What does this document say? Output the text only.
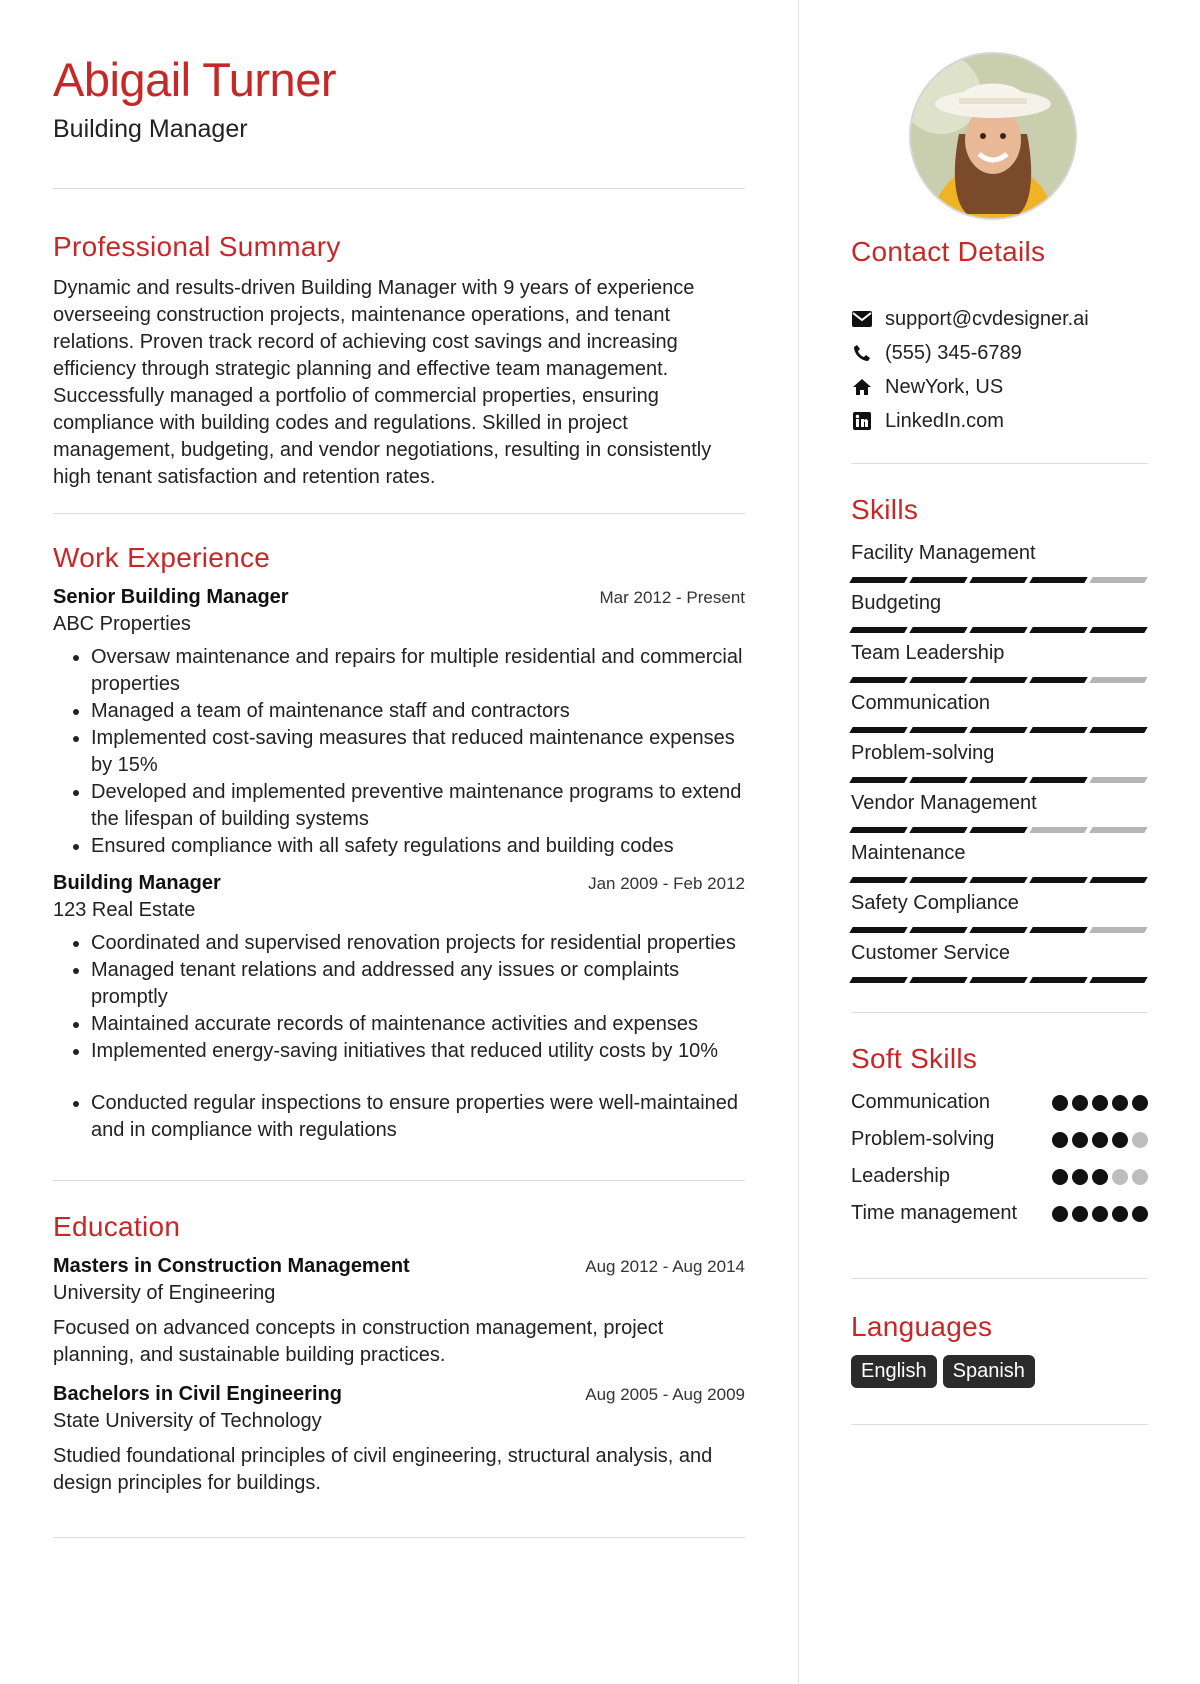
Abigail Turner
Building Manager
Professional Summary
Dynamic and results-driven Building Manager with 9 years of experience overseeing construction projects, maintenance operations, and tenant relations. Proven track record of achieving cost savings and increasing efficiency through strategic planning and effective team management. Successfully managed a portfolio of commercial properties, ensuring compliance with building codes and regulations. Skilled in project management, budgeting, and vendor negotiations, resulting in consistently high tenant satisfaction and retention rates.
Work Experience
Senior Building Manager	Mar 2012 - Present
ABC Properties
• Oversaw maintenance and repairs for multiple residential and commercial properties
• Managed a team of maintenance staff and contractors
• Implemented cost-saving measures that reduced maintenance expenses by 15%
• Developed and implemented preventive maintenance programs to extend the lifespan of building systems
• Ensured compliance with all safety regulations and building codes
Building Manager	Jan 2009 - Feb 2012
123 Real Estate
• Coordinated and supervised renovation projects for residential properties
• Managed tenant relations and addressed any issues or complaints promptly
• Maintained accurate records of maintenance activities and expenses
• Implemented energy-saving initiatives that reduced utility costs by 10%
• Conducted regular inspections to ensure properties were well-maintained and in compliance with regulations
Education
Masters in Construction Management	Aug 2012 - Aug 2014
University of Engineering
Focused on advanced concepts in construction management, project planning, and sustainable building practices.
Bachelors in Civil Engineering	Aug 2005 - Aug 2009
State University of Technology
Studied foundational principles of civil engineering, structural analysis, and design principles for buildings.
Contact Details
support@cvdesigner.ai
(555) 345-6789
NewYork, US
LinkedIn.com
Skills
Facility Management
Budgeting
Team Leadership
Communication
Problem-solving
Vendor Management
Maintenance
Safety Compliance
Customer Service
Soft Skills
Communication
Problem-solving
Leadership
Time management
Languages
English	Spanish
